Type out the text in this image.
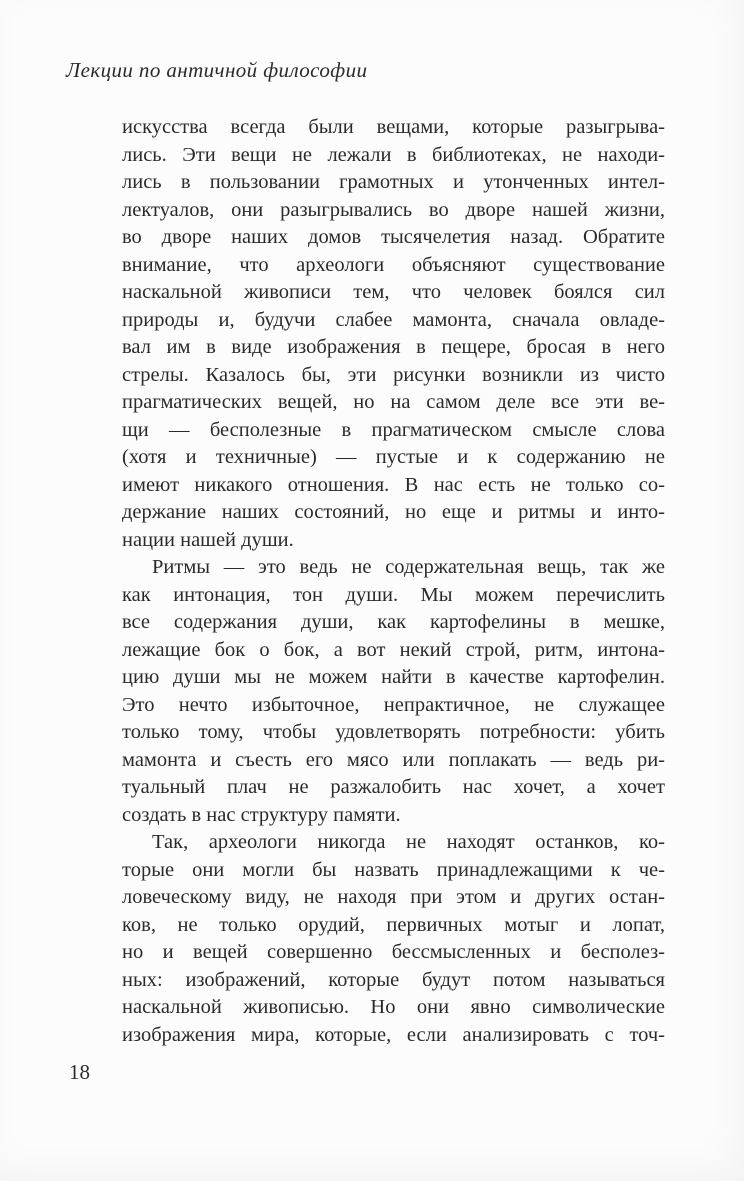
Лекции по античной философии
искусства всегда были вещами, которые разыгрыва-
лись. Эти вещи не лежали в библиотеках, не находи-
лись в пользовании грамотных и утонченных интел-
лектуалов, они разыгрывались во дворе нашей жизни,
во дворе наших домов тысячелетия назад. Обратите
внимание, что археологи объясняют существование
наскальной живописи тем, что человек боялся сил
природы и, будучи слабее мамонта, сначала овладе-
вал им в виде изображения в пещере, бросая в него
стрелы. Казалось бы, эти рисунки возникли из чисто
прагматических вещей, но на самом деле все эти ве-
щи — бесполезные в прагматическом смысле слова
(хотя и техничные) — пустые и к содержанию не
имеют никакого отношения. В нас есть не только со-
держание наших состояний, но еще и ритмы и инто-
нации нашей души.
Ритмы — это ведь не содержательная вещь, так же
как интонация, тон души. Мы можем перечислить
все содержания души, как картофелины в мешке,
лежащие бок о бок, а вот некий строй, ритм, интона-
цию души мы не можем найти в качестве картофелин.
Это нечто избыточное, непрактичное, не служащее
только тому, чтобы удовлетворять потребности: убить
мамонта и съесть его мясо или поплакать — ведь ри-
туальный плач не разжалобить нас хочет, а хочет
создать в нас структуру памяти.
Так, археологи никогда не находят останков, ко-
торые они могли бы назвать принадлежащими к че-
ловеческому виду, не находя при этом и других остан-
ков, не только орудий, первичных мотыг и лопат,
но и вещей совершенно бессмысленных и бесполез-
ных: изображений, которые будут потом называться
наскальной живописью. Но они явно символические
изображения мира, которые, если анализировать с точ-
18
